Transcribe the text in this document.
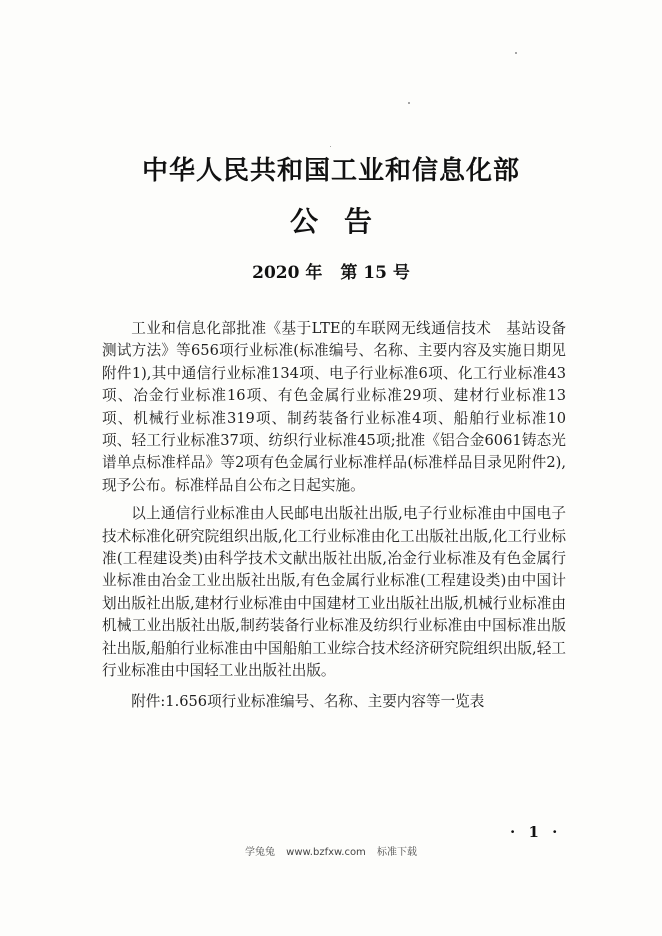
中华人民共和国工业和信息化部
公告
2020 年 第 15 号

工业和信息化部批准《基于LTE的车联网无线通信技术　基站设备测试方法》等656项行业标准(标准编号、名称、主要内容及实施日期见附件1),其中通信行业标准134项、电子行业标准6项、化工行业标准43项、冶金行业标准16项、有色金属行业标准29项、建材行业标准13项、机械行业标准319项、制药装备行业标准4项、船舶行业标准10项、轻工行业标准37项、纺织行业标准45项;批准《铝合金6061铸态光谱单点标准样品》等2项有色金属行业标准样品(标准样品目录见附件2),现予公布。标准样品自公布之日起实施。

以上通信行业标准由人民邮电出版社出版,电子行业标准由中国电子技术标准化研究院组织出版,化工行业标准由化工出版社出版,化工行业标准(工程建设类)由科学技术文献出版社出版,冶金行业标准及有色金属行业标准由冶金工业出版社出版,有色金属行业标准(工程建设类)由中国计划出版社出版,建材行业标准由中国建材工业出版社出版,机械行业标准由机械工业出版社出版,制药装备行业标准及纺织行业标准由中国标准出版社出版,船舶行业标准由中国船舶工业综合技术经济研究院组织出版,轻工行业标准由中国轻工业出版社出版。

附件:1.656项行业标准编号、名称、主要内容等一览表

· 1 ·
学兔兔 www.bzfxw.com 标准下载
